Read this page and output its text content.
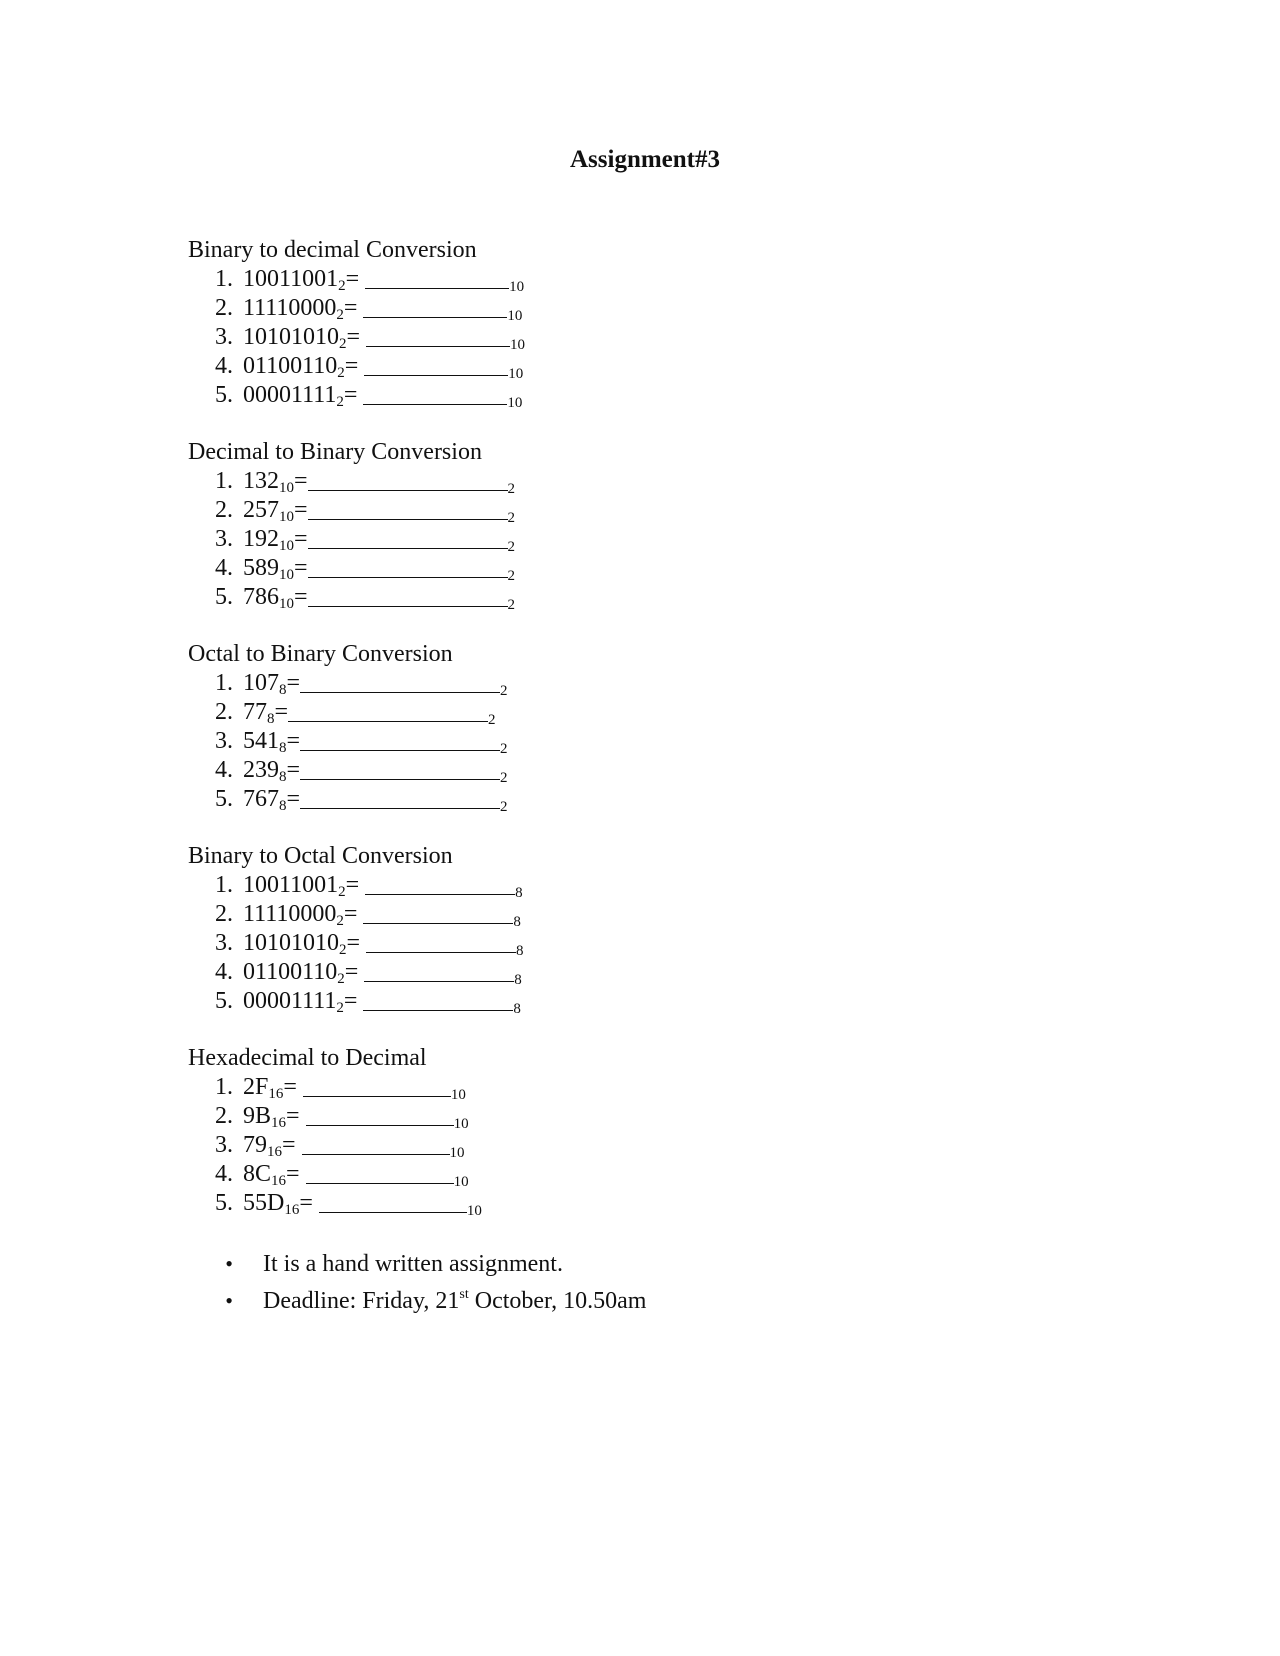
Assignment#3
Binary to decimal Conversion
1. $10011001_2=$	$_{10}$
2. $11110000_2=$	$_{10}$
3. $10101010_2=$	$_{10}$
4. $01100110_2=$	$_{10}$
5. $00001111_2=$	$_{10}$
Decimal to Binary Conversion
1. $132_{10}=$	$_2$
2. $257_{10}=$	$_2$
3. $192_{10}=$	$_2$
4. $589_{10}=$	$_2$
5. $786_{10}=$	$_2$
Octal to Binary Conversion
1. $107_8=$	$_2$
2. $77_8=$	$_2$
3. $541_8=$	$_2$
4. $239_8=$	$_2$
5. $767_8=$	$_2$
Binary to Octal Conversion
1. $10011001_2=$	$_8$
2. $11110000_2=$	$_8$
3. $10101010_2=$	$_8$
4. $01100110_2=$	$_8$
5. $00001111_2=$	$_8$
Hexadecimal to Decimal
1. $2F_{16}=$	$_{10}$
2. $9B_{16}=$	$_{10}$
3. $79_{16}=$	$_{10}$
4. $8C_{16}=$	$_{10}$
5. $55D_{16}=$	$_{10}$
• It is a hand written assignment.
• Deadline: Friday, 21st October, 10.50am
